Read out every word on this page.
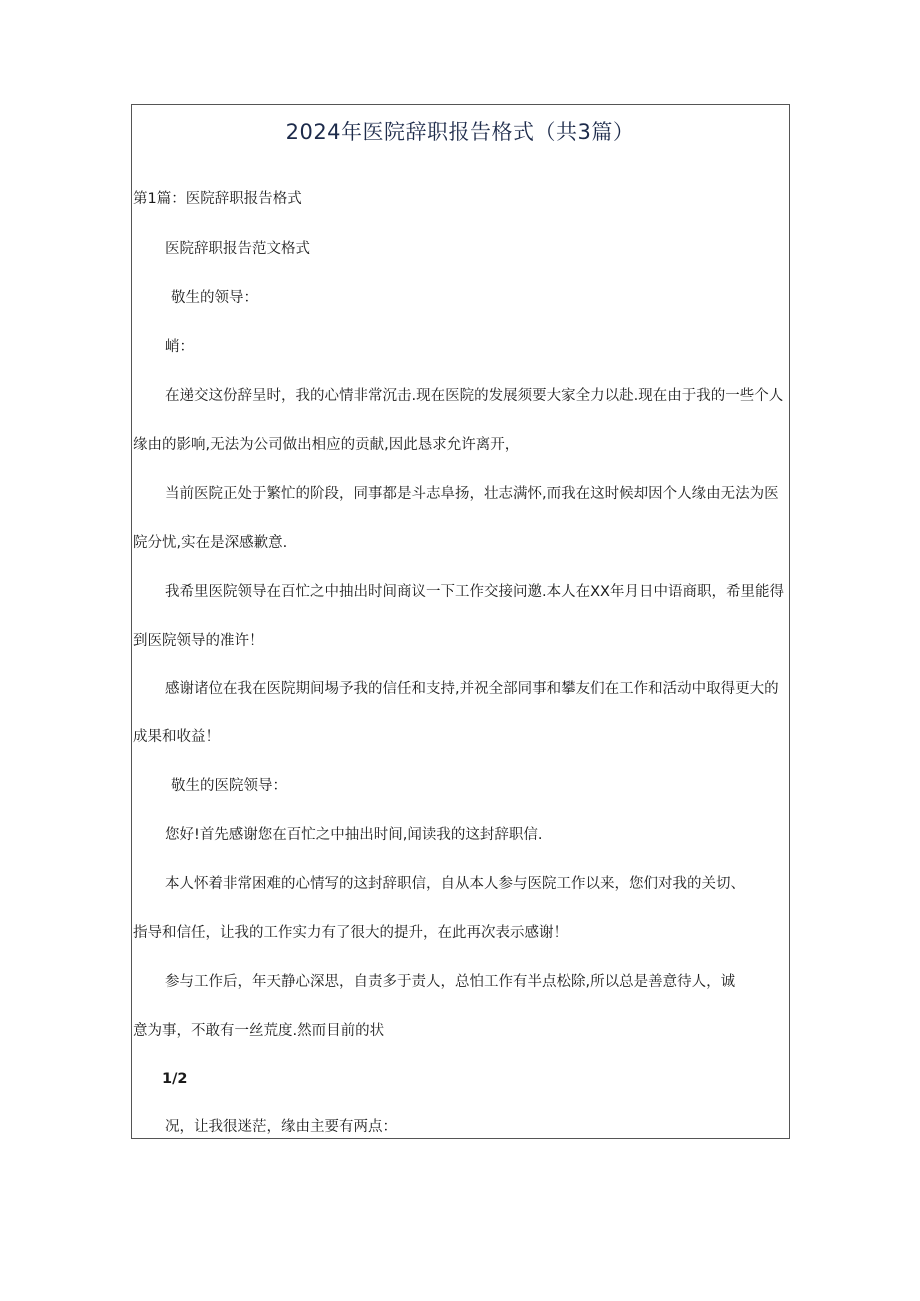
2024年医院辞职报告格式（共3篇）
第1篇：医院辞职报告格式
医院辞职报告范文格式
敬生的领导：
峭：
在递交这份辞呈时，我的心情非常沉击.现在医院的发展须要大家全力以赴.现在由于我的一些个人
缘由的影响,无法为公司做出相应的贡献,因此恳求允许离开，
当前医院正处于繁忙的阶段，同事都是斗志阜扬，壮志满怀,而我在这时候却因个人缘由无法为医
院分忧,实在是深感歉意.
我希里医院领导在百忙之中抽出时间商议一下工作交接问邀.本人在XX年月日中语商职，希里能得
到医院领导的准许！
感谢诸位在我在医院期间埸予我的信任和支持,并祝全部同事和攀友们在工作和活动中取得更大的
成果和收益！
敬生的医院领导：
您好!首先感谢您在百忙之中抽出时间,闻读我的这封辞职信.
本人怀着非常困难的心情写的这封辞职信，自从本人参与医院工作以来，您们对我的关切、
指导和信任，让我的工作实力有了很大的提升，在此再次表示感谢！
参与工作后，年天静心深思，自责多于责人，总怕工作有半点松除,所以总是善意待人，诚
意为事，不敢有一丝荒度.然而目前的状
1/2
况，让我很迷茫，缘由主要有两点：
